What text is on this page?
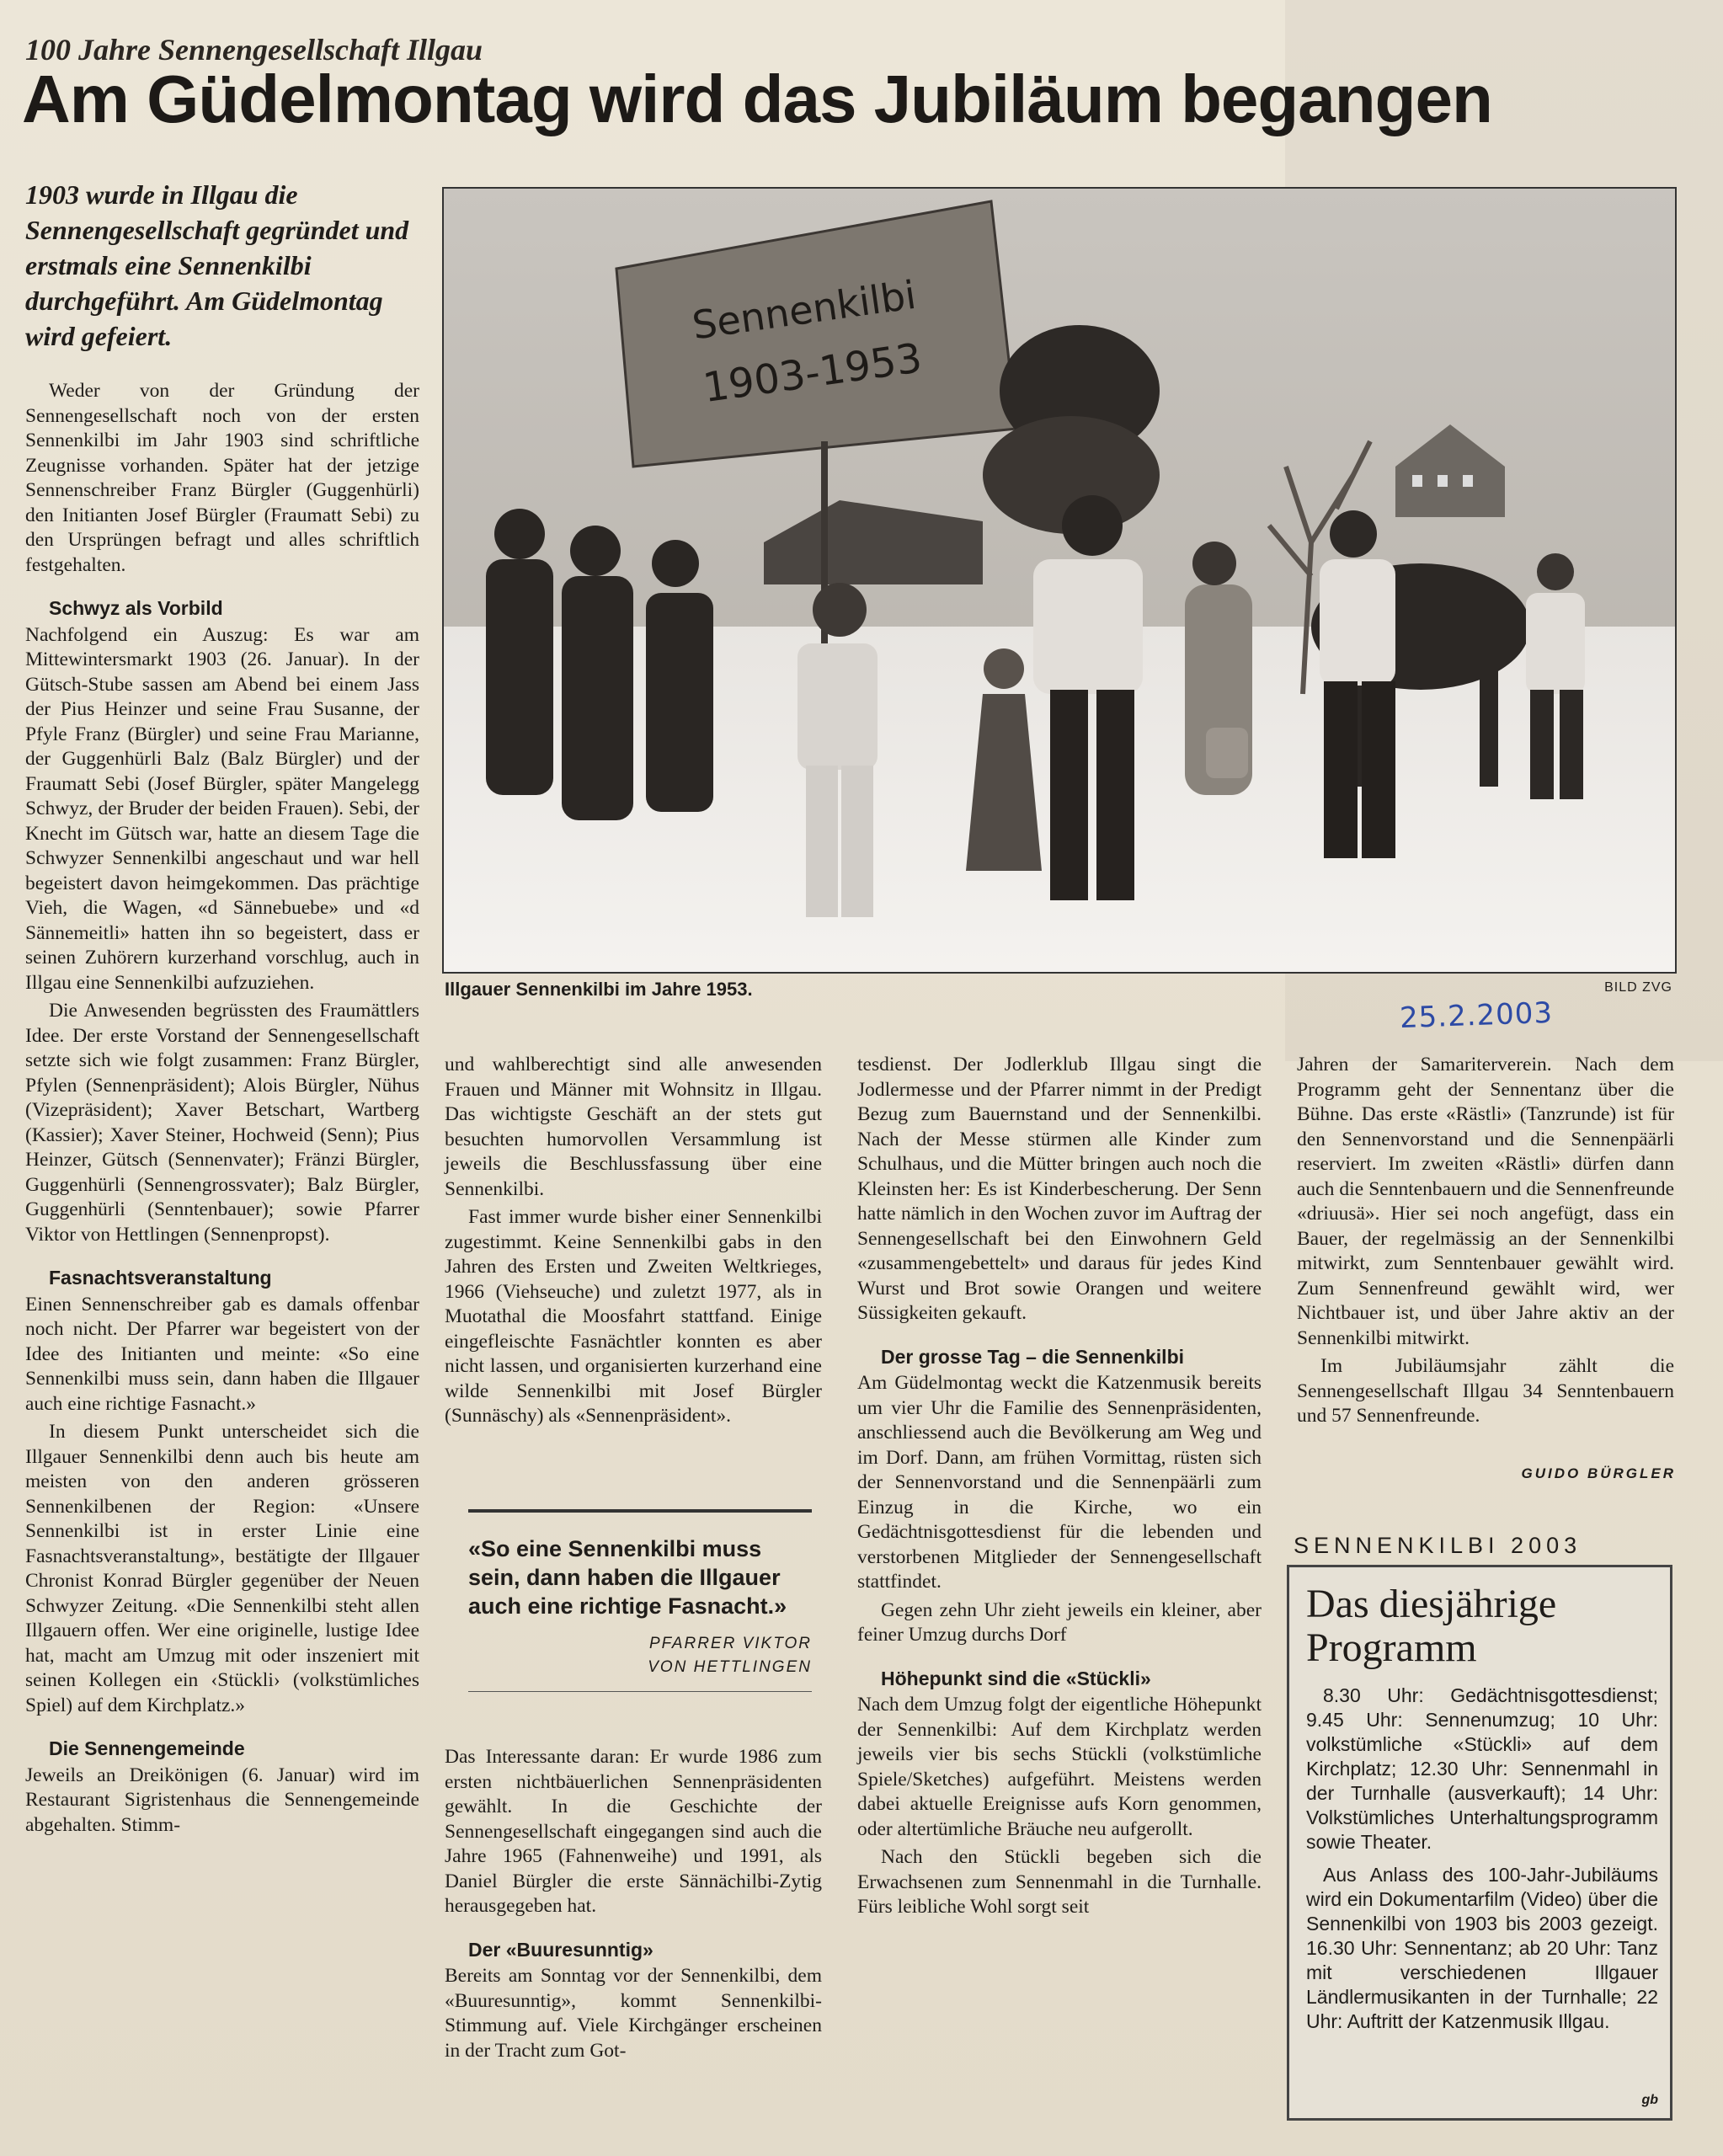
100 Jahre Sennengesellschaft Illgau
Am Güdelmontag wird das Jubiläum begangen
1903 wurde in Illgau die Sennengesellschaft gegründet und erstmals eine Sennenkilbi durchgeführt. Am Güdelmontag wird gefeiert.

Weder von der Gründung der Sennengesellschaft noch von der ersten Sennenkilbi im Jahr 1903 sind schriftliche Zeugnisse vorhanden. Später hat der jetzige Sennenschreiber Franz Bürgler (Guggenhürli) den Initianten Josef Bürgler (Fraumatt Sebi) zu den Ursprüngen befragt und alles schriftlich festgehalten.

Schwyz als Vorbild

Nachfolgend ein Auszug: Es war am Mittewintersmarkt 1903 (26. Januar). In der Gütsch-Stube sassen am Abend bei einem Jass der Pius Heinzer und seine Frau Susanne, der Pfyle Franz (Bürgler) und seine Frau Marianne, der Guggenhürli Balz (Balz Bürgler) und der Fraumatt Sebi (Josef Bürgler, später Mangelegg Schwyz, der Bruder der beiden Frauen). Sebi, der Knecht im Gütsch war, hatte an diesem Tage die Schwyzer Sennenkilbi angeschaut und war hell begeistert davon heimgekommen. Das prächtige Vieh, die Wagen, «d Sännebuebe» und «d Sännemeitli» hatten ihn so begeistert, dass er seinen Zuhörern kurzerhand vorschlug, auch in Illgau eine Sennenkilbi aufzuziehen.

Die Anwesenden begrüssten des Fraumättlers Idee. Der erste Vorstand der Sennengesellschaft setzte sich wie folgt zusammen: Franz Bürgler, Pfylen (Sennenpräsident); Alois Bürgler, Nühus (Vizepräsident); Xaver Betschart, Wartberg (Kassier); Xaver Steiner, Hochweid (Senn); Pius Heinzer, Gütsch (Sennenvater); Fränzi Bürgler, Guggenhürli (Sennengrossvater); Balz Bürgler, Guggenhürli (Senntenbauer); sowie Pfarrer Viktor von Hettlingen (Sennenpropst).

Fasnachtsveranstaltung

Einen Sennenschreiber gab es damals offenbar noch nicht. Der Pfarrer war begeistert von der Idee des Initianten und meinte: «So eine Sennenkilbi muss sein, dann haben die Illgauer auch eine richtige Fasnacht.»

In diesem Punkt unterscheidet sich die Illgauer Sennenkilbi denn auch bis heute am meisten von den anderen grösseren Sennenkilbenen der Region: «Unsere Sennenkilbi ist in erster Linie eine Fasnachtsveranstaltung», bestätigte der Illgauer Chronist Konrad Bürgler gegenüber der Neuen Schwyzer Zeitung. «Die Sennenkilbi steht allen Illgauern offen. Wer eine originelle, lustige Idee hat, macht am Umzug mit oder inszeniert mit seinen Kollegen ein ‹Stückli› (volkstümliches Spiel) auf dem Kirchplatz.»

Die Sennengemeinde

Jeweils an Dreikönigen (6. Januar) wird im Restaurant Sigristenhaus die Sennengemeinde abgehalten. Stimm-

Sennenkilbi
1903-1953
Illgauer Sennenkilbi im Jahre 1953.	BILD ZVG
25.2.2003

und wahlberechtigt sind alle anwesenden Frauen und Männer mit Wohnsitz in Illgau. Das wichtigste Geschäft an der stets gut besuchten humorvollen Versammlung ist jeweils die Beschlussfassung über eine Sennenkilbi.

Fast immer wurde bisher einer Sennenkilbi zugestimmt. Keine Sennenkilbi gabs in den Jahren des Ersten und Zweiten Weltkrieges, 1966 (Viehseuche) und zuletzt 1977, als in Muotathal die Moosfahrt stattfand. Einige eingefleischte Fasnächtler konnten es aber nicht lassen, und organisierten kurzerhand eine wilde Sennenkilbi mit Josef Bürgler (Sunnäschy) als «Sennenpräsident».

«So eine Sennenkilbi muss sein, dann haben die Illgauer auch eine richtige Fasnacht.»

PFARRER VIKTOR
VON HETTLINGEN

Das Interessante daran: Er wurde 1986 zum ersten nichtbäuerlichen Sennenpräsidenten gewählt. In die Geschichte der Sennengesellschaft eingegangen sind auch die Jahre 1965 (Fahnenweihe) und 1991, als Daniel Bürgler die erste Sännächilbi-Zytig herausgegeben hat.

Der «Buuresunntig»

Bereits am Sonntag vor der Sennenkilbi, dem «Buuresunntig», kommt Sennenkilbi-Stimmung auf. Viele Kirchgänger erscheinen in der Tracht zum Got-

tesdienst. Der Jodlerklub Illgau singt die Jodlermesse und der Pfarrer nimmt in der Predigt Bezug zum Bauernstand und der Sennenkilbi. Nach der Messe stürmen alle Kinder zum Schulhaus, und die Mütter bringen auch noch die Kleinsten her: Es ist Kinderbescherung. Der Senn hatte nämlich in den Wochen zuvor im Auftrag der Sennengesellschaft bei den Einwohnern Geld «zusammengebettelt» und daraus für jedes Kind Wurst und Brot sowie Orangen und weitere Süssigkeiten gekauft.

Der grosse Tag – die Sennenkilbi

Am Güdelmontag weckt die Katzenmusik bereits um vier Uhr die Familie des Sennenpräsidenten, anschliessend auch die Bevölkerung am Weg und im Dorf. Dann, am frühen Vormittag, rüsten sich der Sennenvorstand und die Sennenpäärli zum Einzug in die Kirche, wo ein Gedächtnisgottesdienst für die lebenden und verstorbenen Mitglieder der Sennengesellschaft stattfindet.

Gegen zehn Uhr zieht jeweils ein kleiner, aber feiner Umzug durchs Dorf

Höhepunkt sind die «Stückli»

Nach dem Umzug folgt der eigentliche Höhepunkt der Sennenkilbi: Auf dem Kirchplatz werden jeweils vier bis sechs Stückli (volkstümliche Spiele/Sketches) aufgeführt. Meistens werden dabei aktuelle Ereignisse aufs Korn genommen, oder altertümliche Bräuche neu aufgerollt.

Nach den Stückli begeben sich die Erwachsenen zum Sennenmahl in die Turnhalle. Fürs leibliche Wohl sorgt seit

Jahren der Samariterverein. Nach dem Programm geht der Sennentanz über die Bühne. Das erste «Rästli» (Tanzrunde) ist für den Sennenvorstand und die Sennenpäärli reserviert. Im zweiten «Rästli» dürfen dann auch die Senntenbauern und die Sennenfreunde «driuusä». Hier sei noch angefügt, dass ein Bauer, der regelmässig an der Sennenkilbi mitwirkt, zum Senntenbauer gewählt wird. Zum Sennenfreund gewählt wird, wer Nichtbauer ist, und über Jahre aktiv an der Sennenkilbi mitwirkt.

Im Jubiläumsjahr zählt die Sennengesellschaft Illgau 34 Senntenbauern und 57 Sennenfreunde.

GUIDO BÜRGLER
SENNENKILBI 2003
Das diesjährige Programm

8.30 Uhr: Gedächtnisgottesdienst; 9.45 Uhr: Sennenumzug; 10 Uhr: volkstümliche «Stückli» auf dem Kirchplatz; 12.30 Uhr: Sennenmahl in der Turnhalle (ausverkauft); 14 Uhr: Volkstümliches Unterhaltungsprogramm sowie Theater.

Aus Anlass des 100-Jahr-Jubiläums wird ein Dokumentarfilm (Video) über die Sennenkilbi von 1903 bis 2003 gezeigt. 16.30 Uhr: Sennentanz; ab 20 Uhr: Tanz mit verschiedenen Illgauer Ländlermusikanten in der Turnhalle; 22 Uhr: Auftritt der Katzenmusik Illgau.

gb
